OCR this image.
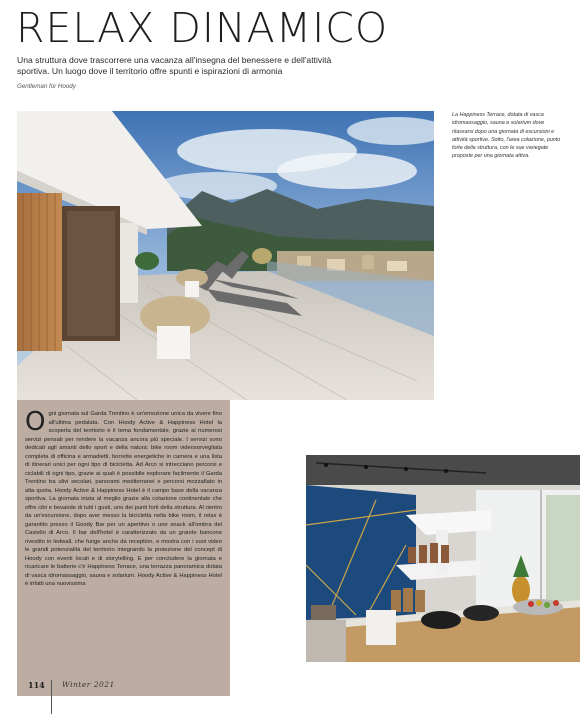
RELAX DINAMICO
Una struttura dove trascorrere una vacanza all'insegna del benessere e dell'attività sportiva. Un luogo dove il territorio offre spunti e ispirazioni di armonia
Gentleman for Hoody
La Happiness Terrace, dotata di vasca idromassaggio, sauna e solarium dove rilassarsi dopo una giornata di escursioni e attività sportive. Sotto, l'area colazione, punto forte della struttura, con le sue variegate proposte per una giornata attiva.
Ogni giornata sul Garda Trentino è un'emozione unica da vivere fino all'ultima pedalata. Con Hoody Active & Happiness Hotel la scoperta del territorio è il tema fondamentale, grazie ai numerosi servizi pensati per rendere la vacanza ancora più speciale. I servizi sono dedicati agli amanti dello sport e della natura: bike room videosorvegliata completa di officina e armadietti, borrette energetiche in camera e una lista di itinerari unici per ogni tipo di bicicletta. Ad Arco si intrecciano percorsi e ciclabili di ogni tipo, grazie ai quali è possibile esplorare facilmente il Garda Trentino tra ulivi secolari, panorami mediterranei e percorsi mozzafiato in alta quota. Hoody Active & Happiness Hotel è il campo base della vacanza sportiva. La giornata inizia al meglio grazie alla colazione continentale che offre cibi e bevande di tutti i gusti, uno dei punti forti della struttura. Al rientro da un'escursione, dopo aver messo la bicicletta nella bike room, il relax è garantito presso il Goody Bar per un aperitivo o uno snack all'ombra del Castello di Arco. Il bar dell'hotel è caratterizzato da un grande bancone rivestito in ledwall, che funge anche da reception, e mostra con i suoi video le grandi potenzialità del territorio integrando la proiezione del concept di Hoody con eventi locali e di storytelling. E per concludere la giornata e ricaricare le batterie c'è Happiness Terrace, una terrazza panoramica dotata di vasca idromassaggio, sauna e solarium. Hoody Active & Happiness Hotel è infatti una nuovissima
114 Winter 2021
